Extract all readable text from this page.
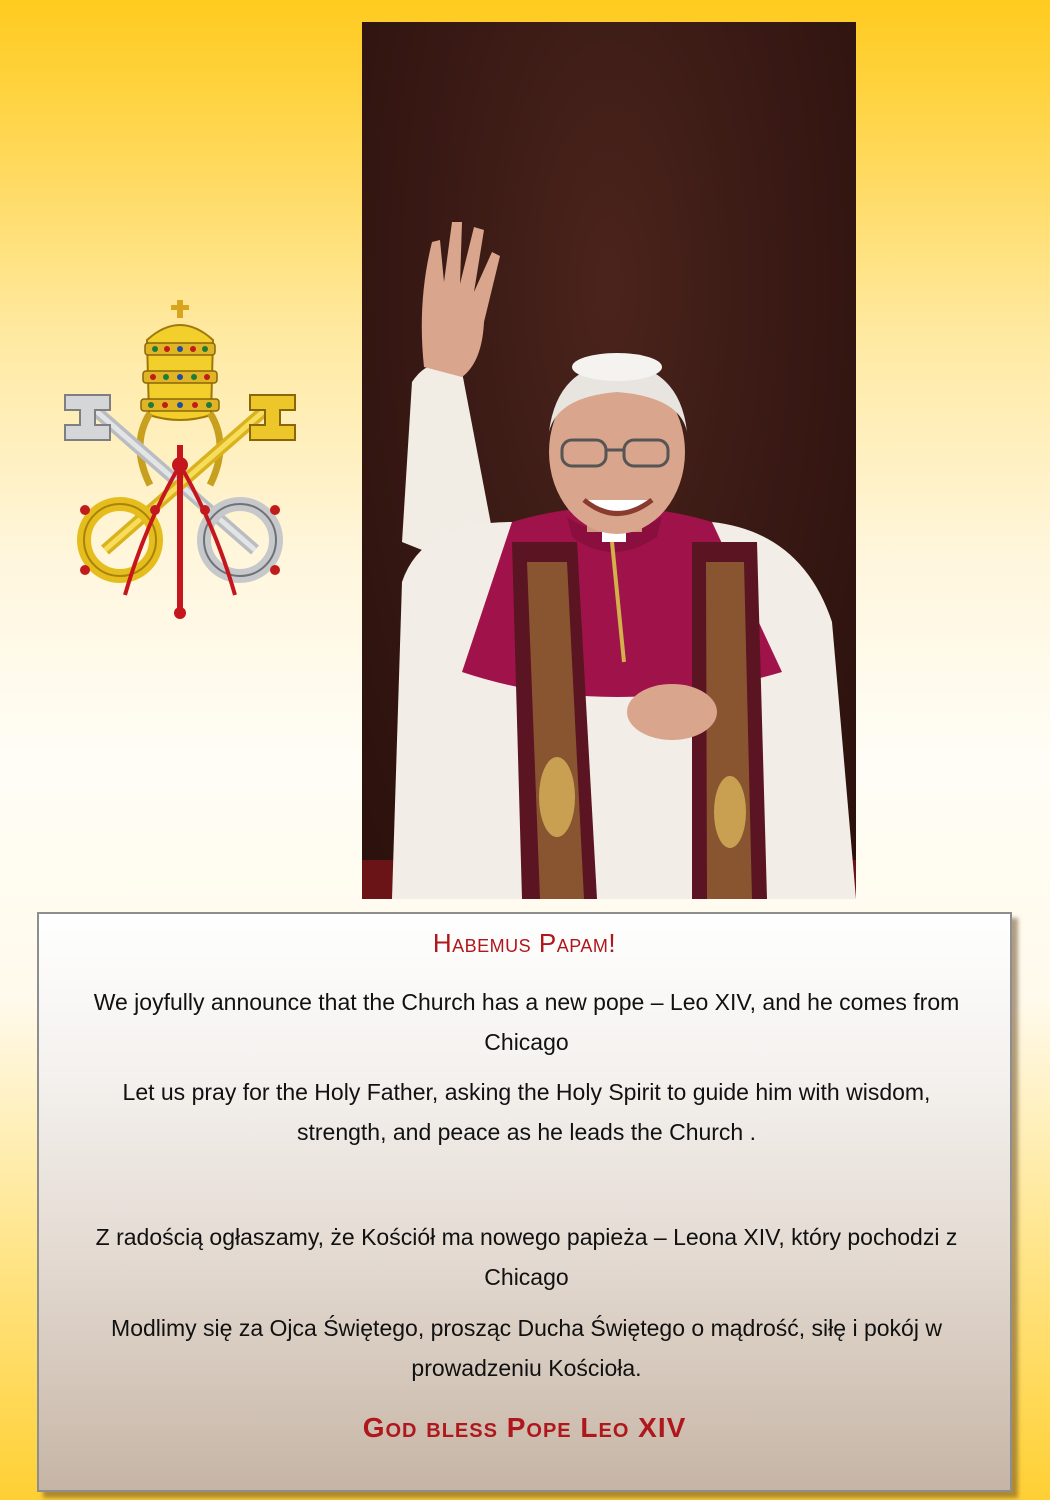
Habemus Papam!
We joyfully announce that the Church has a new pope – Leo XIV, and he comes from Chicago
Let us pray for the Holy Father, asking the Holy Spirit to guide him with wisdom, strength, and peace as he leads the Church .
Z radością ogłaszamy, że Kościół ma nowego papieża – Leona XIV, który pochodzi z Chicago
Modlimy się za Ojca Świętego, prosząc Ducha Świętego o mądrość, siłę i pokój w prowadzeniu Kościoła.
God bless Pope Leo XIV
